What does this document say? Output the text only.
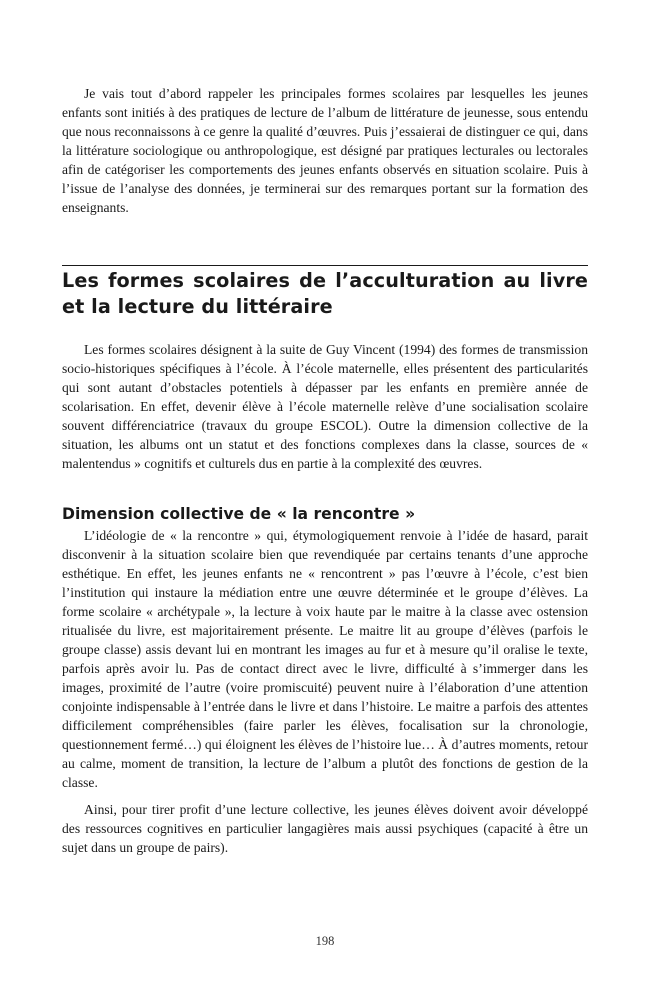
Je vais tout d’abord rappeler les principales formes scolaires par lesquelles les jeunes enfants sont initiés à des pratiques de lecture de l’album de littérature de jeunesse, sous entendu que nous reconnaissons à ce genre la qualité d’œuvres. Puis j’essaierai de distinguer ce qui, dans la littérature sociologique ou anthropologique, est désigné par pratiques lecturales ou lectorales afin de catégoriser les comportements des jeunes enfants observés en situation scolaire. Puis à l’issue de l’analyse des données, je terminerai sur des remarques portant sur la formation des enseignants.

Les formes scolaires de l’acculturation au livre et la lecture du littéraire

Les formes scolaires désignent à la suite de Guy Vincent (1994) des formes de transmission socio-historiques spécifiques à l’école. À l’école maternelle, elles présentent des particularités qui sont autant d’obstacles potentiels à dépasser par les enfants en première année de scolarisation. En effet, devenir élève à l’école maternelle relève d’une socialisation scolaire souvent différenciatrice (travaux du groupe ESCOL). Outre la dimension collective de la situation, les albums ont un statut et des fonctions complexes dans la classe, sources de « malentendus » cognitifs et culturels dus en partie à la complexité des œuvres.

Dimension collective de « la rencontre »

L’idéologie de « la rencontre » qui, étymologiquement renvoie à l’idée de hasard, parait disconvenir à la situation scolaire bien que revendiquée par certains tenants d’une approche esthétique. En effet, les jeunes enfants ne « rencontrent » pas l’œuvre à l’école, c’est bien l’institution qui instaure la médiation entre une œuvre déterminée et le groupe d’élèves. La forme scolaire « archétypale », la lecture à voix haute par le maitre à la classe avec ostension ritualisée du livre, est majoritairement présente. Le maitre lit au groupe d’élèves (parfois le groupe classe) assis devant lui en montrant les images au fur et à mesure qu’il oralise le texte, parfois après avoir lu. Pas de contact direct avec le livre, difficulté à s’immerger dans les images, proximité de l’autre (voire promiscuité) peuvent nuire à l’élaboration d’une attention conjointe indispensable à l’entrée dans le livre et dans l’histoire. Le maitre a parfois des attentes difficilement compréhensibles (faire parler les élèves, focalisation sur la chronologie, questionnement fermé…) qui éloignent les élèves de l’histoire lue… À d’autres moments, retour au calme, moment de transition, la lecture de l’album a plutôt des fonctions de gestion de la classe.

Ainsi, pour tirer profit d’une lecture collective, les jeunes élèves doivent avoir développé des ressources cognitives en particulier langagières mais aussi psychiques (capacité à être un sujet dans un groupe de pairs).

198
